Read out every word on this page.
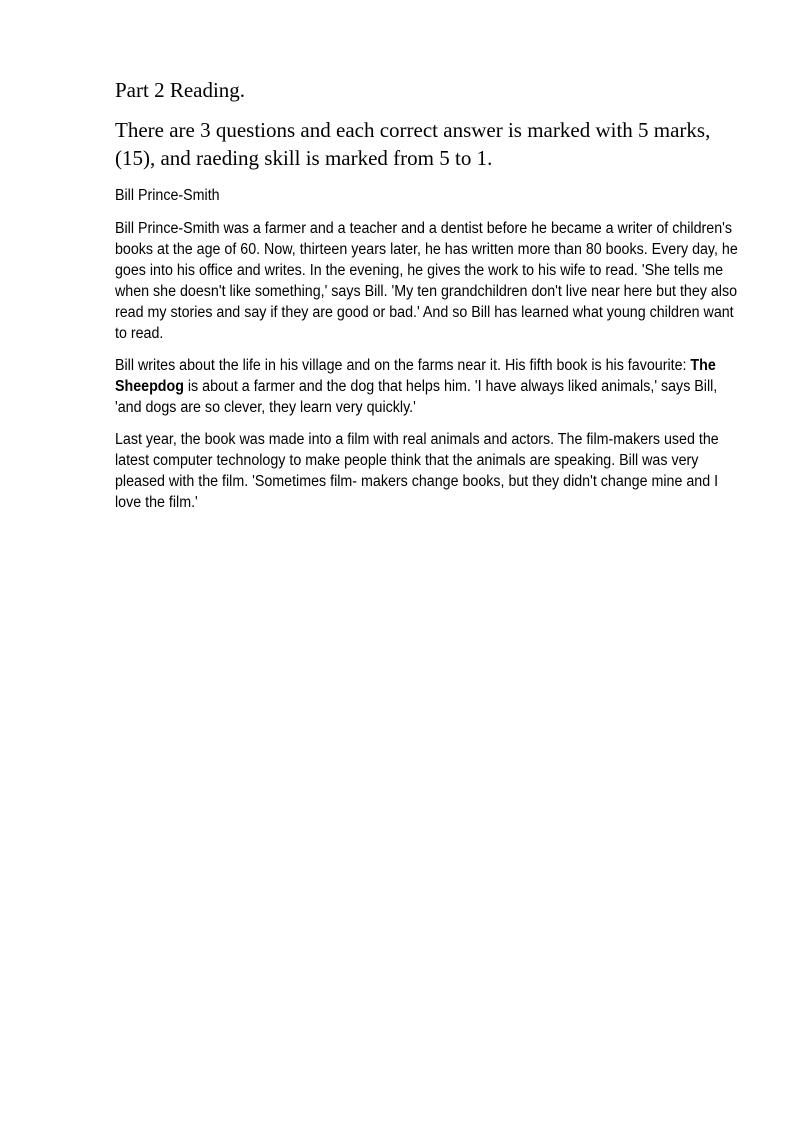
Part 2 Reading.

There are 3 questions and each correct answer is marked with 5 marks, (15), and raeding skill is marked from 5 to 1.

Bill Prince-Smith

Bill Prince-Smith was a farmer and a teacher and a dentist before he became a writer of children's books at the age of 60. Now, thirteen years later, he has written more than 80 books. Every day, he goes into his office and writes. In the evening, he gives the work to his wife to read. 'She tells me when she doesn't like something,' says Bill. 'My ten grandchildren don't live near here but they also read my stories and say if they are good or bad.' And so Bill has learned what young children want to read.

Bill writes about the life in his village and on the farms near it. His fifth book is his favourite: The Sheepdog is about a farmer and the dog that helps him. 'I have always liked animals,' says Bill, 'and dogs are so clever, they learn very quickly.'

Last year, the book was made into a film with real animals and actors. The film-makers used the latest computer technology to make people think that the animals are speaking. Bill was very pleased with the film. 'Sometimes film- makers change books, but they didn't change mine and I love the film.'
